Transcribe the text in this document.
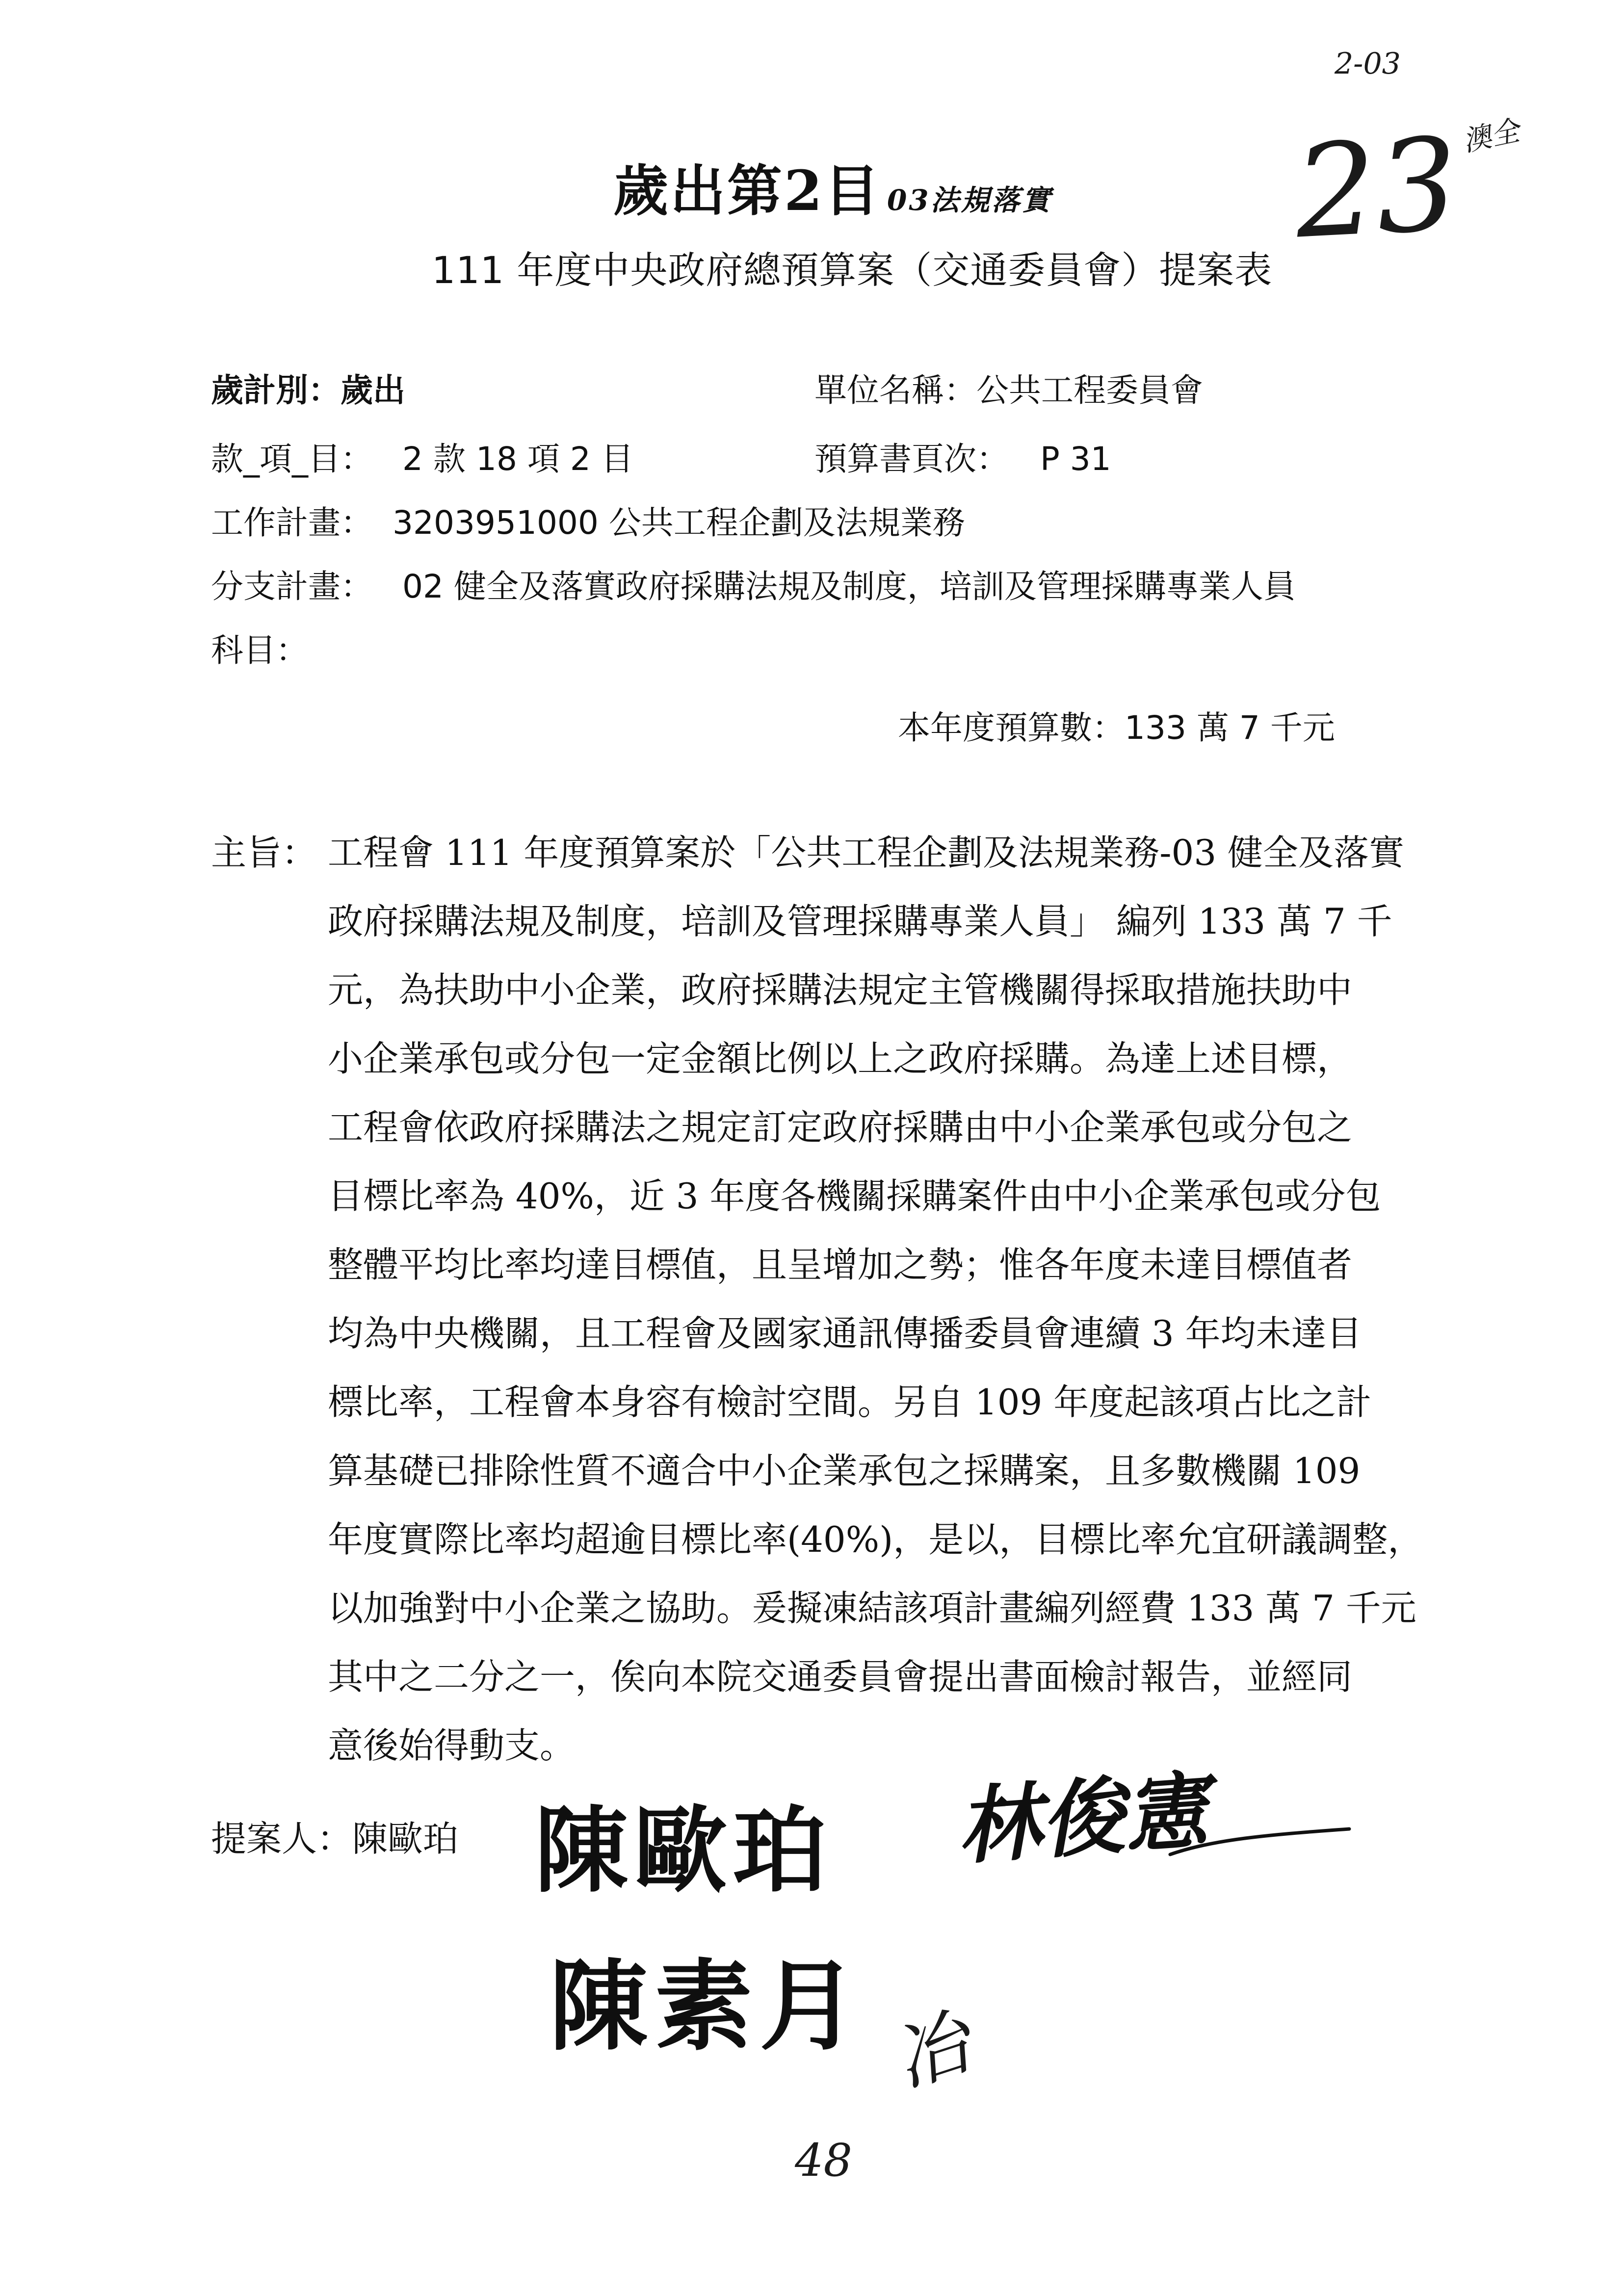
2-03
23
澳全
歲出第2目 03法規落實
111 年度中央政府總預算案（交通委員會）提案表
歲計別：歲出	單位名稱：公共工程委員會
款_項_目： 2 款 18 項 2 目	預算書頁次： P 31
工作計畫： 3203951000 公共工程企劃及法規業務
分支計畫： 02 健全及落實政府採購法規及制度，培訓及管理採購專業人員
科目：
本年度預算數：133 萬 7 千元
主旨： 工程會 111 年度預算案於「公共工程企劃及法規業務-03 健全及落實
政府採購法規及制度，培訓及管理採購專業人員」 編列 133 萬 7 千
元，為扶助中小企業，政府採購法規定主管機關得採取措施扶助中
小企業承包或分包一定金額比例以上之政府採購。為達上述目標，
工程會依政府採購法之規定訂定政府採購由中小企業承包或分包之
目標比率為 40%，近 3 年度各機關採購案件由中小企業承包或分包
整體平均比率均達目標值，且呈增加之勢；惟各年度未達目標值者
均為中央機關，且工程會及國家通訊傳播委員會連續 3 年均未達目
標比率，工程會本身容有檢討空間。另自 109 年度起該項占比之計
算基礎已排除性質不適合中小企業承包之採購案，且多數機關 109
年度實際比率均超逾目標比率(40%)，是以，目標比率允宜研議調整，
以加強對中小企業之協助。爰擬凍結該項計畫編列經費 133 萬 7 千元
其中之二分之一，俟向本院交通委員會提出書面檢討報告，並經同
意後始得動支。
提案人：陳歐珀 陳歐珀 林俊憲
陳素月 冶
48
